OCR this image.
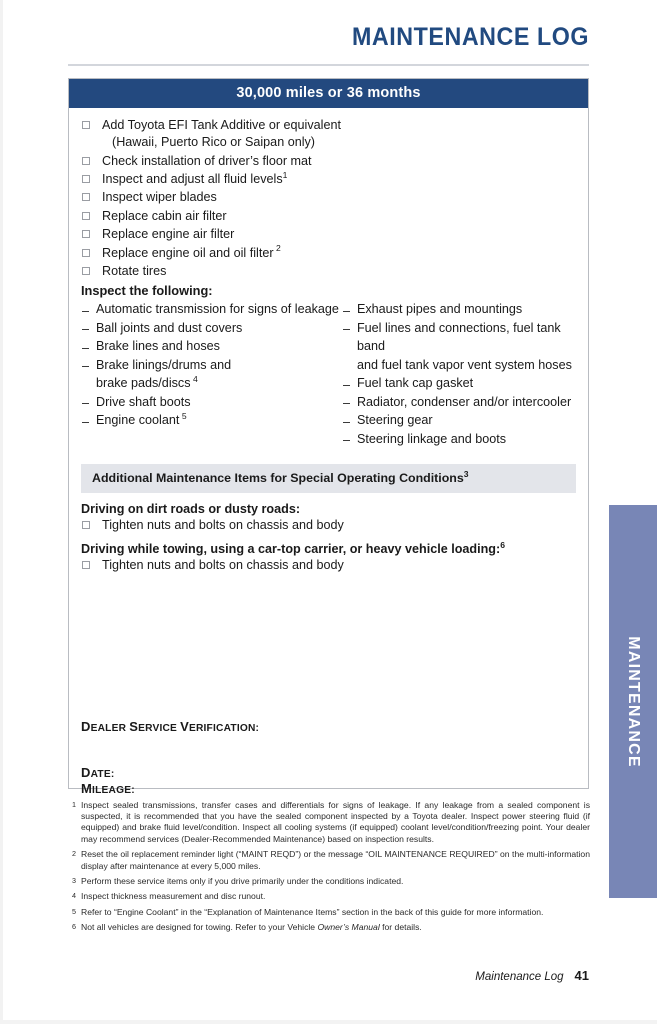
MAINTENANCE LOG
30,000 miles or 36 months
Add Toyota EFI Tank Additive or equivalent
(Hawaii, Puerto Rico or Saipan only)
Check installation of driver’s floor mat
Inspect and adjust all fluid levels$^1$
Inspect wiper blades
Replace cabin air filter
Replace engine air filter
Replace engine oil and oil filter $^2$
Rotate tires
Inspect the following:
Automatic transmission for signs of leakage
Ball joints and dust covers
Brake lines and hoses
Brake linings/drums and
brake pads/discs $^4$
Drive shaft boots
Engine coolant $^5$
Exhaust pipes and mountings
Fuel lines and connections, fuel tank band
and fuel tank vapor vent system hoses
Fuel tank cap gasket
Radiator, condenser and/or intercooler
Steering gear
Steering linkage and boots
Additional Maintenance Items for Special Operating Conditions$^3$
Driving on dirt roads or dusty roads:
Tighten nuts and bolts on chassis and body
Driving while towing, using a car-top carrier, or heavy vehicle loading:$^6$
Tighten nuts and bolts on chassis and body
DEALER SERVICE VERIFICATION:
DATE:
MILEAGE:
1 Inspect sealed transmissions, transfer cases and differentials for signs of leakage. If any leakage from a sealed component is suspected, it is recommended that you have the sealed component inspected by a Toyota dealer. Inspect power steering fluid (if equipped) and brake fluid level/condition. Inspect all cooling systems (if equipped) coolant level/condition/freezing point. Your dealer may recommend services (Dealer-Recommended Maintenance) based on inspection results.
2 Reset the oil replacement reminder light (“MAINT REQD”) or the message “OIL MAINTENANCE REQUIRED” on the multi-information display after maintenance at every 5,000 miles.
3 Perform these service items only if you drive primarily under the conditions indicated.
4 Inspect thickness measurement and disc runout.
5 Refer to “Engine Coolant” in the “Explanation of Maintenance Items” section in the back of this guide for more information.
6 Not all vehicles are designed for towing. Refer to your Vehicle Owner’s Manual for details.
Maintenance Log 41
MAINTENANCE
